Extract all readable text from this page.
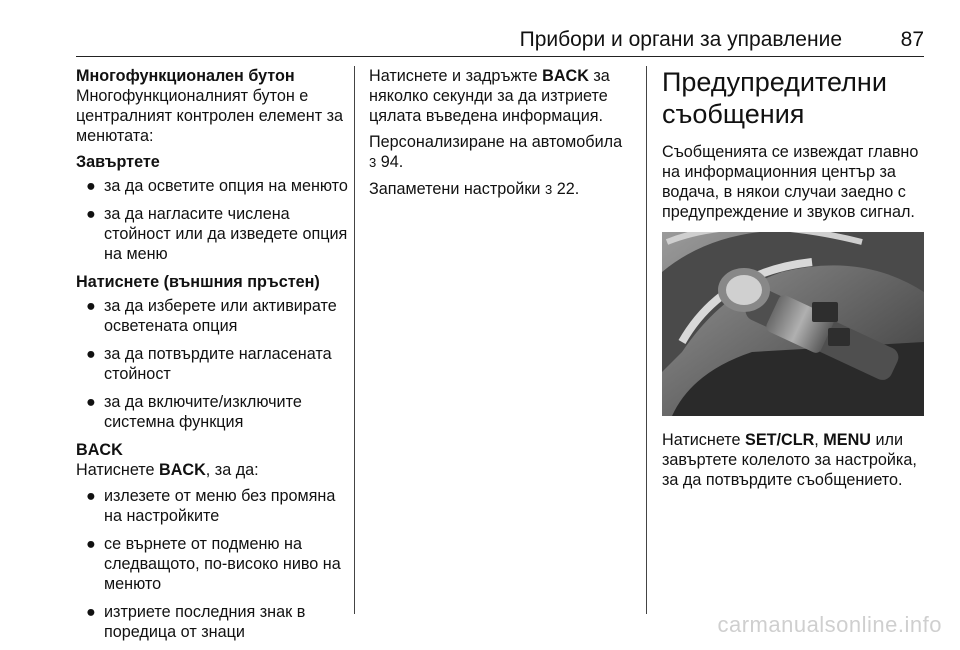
Прибори и органи за управление	87

Многофункционален бутон

Многофункционалният бутон е централният контролен елемент за менютата:

Завъртете

● за да осветите опция на менюто
● за да нагласите числена стойност или да изведете опция на меню

Натиснете (външния пръстен)

● за да изберете или активирате осветената опция
● за да потвърдите нагласената стойност
● за да включите/изключите системна функция

BACK

Натиснете BACK, за да:

● излезете от меню без промяна на настройките
● се върнете от подменю на следващото, по-високо ниво на менюто
● изтриете последния знак в поредица от знаци

Натиснете и задръжте BACK за няколко секунди за да изтриете цялата въведена информация.

Персонализиране на автомобила
3 94.

Запаметени настройки 3 22.

Предупредителни съобщения

Съобщенията се извеждат главно на информационния център за водача, в някои случаи заедно с предупреждение и звуков сигнал.

Натиснете SET/CLR, MENU или завъртете колелото за настройка, за да потвърдите съобщението.

carmanualsonline.info
